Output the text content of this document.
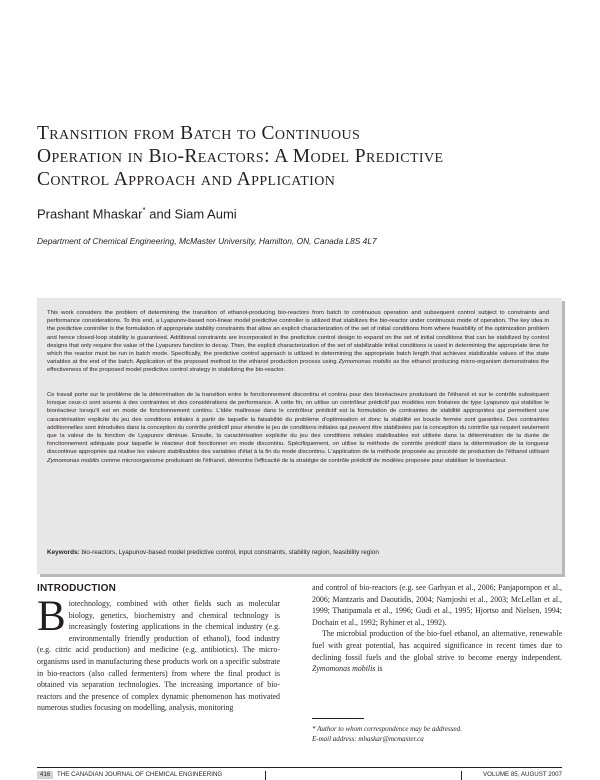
Transition from Batch to Continuous
Operation in Bio-Reactors: A Model Predictive
Control Approach and Application
Prashant Mhaskar* and Siam Aumi
Department of Chemical Engineering, McMaster University, Hamilton, ON, Canada L8S 4L7
This work considers the problem of determining the transition of ethanol-producing bio-reactors from batch to continuous operation and subsequent control subject to constraints and performance considerations. To this end, a Lyapunov-based non-linear model predictive controller is utilized that stabilizes the bio-reactor under continuous mode of operation. The key idea in the predictive controller is the formulation of appropriate stability constraints that allow an explicit characterization of the set of initial conditions from where feasibility of the optimization problem and hence closed-loop stability is guaranteed. Additional constraints are incorporated in the predictive control design to expand on the set of initial conditions that can be stabilized by control designs that only require the value of the Lyapunov function to decay. Then, the explicit characterization of the set of stabilizable initial conditions is used in determining the appropriate time for which the reactor must be run in batch mode. Specifically, the predictive control approach is utilized in determining the appropriate batch length that achieves stabilizable values of the state variables at the end of the batch. Application of the proposed method to the ethanol production process using Zymomonas mobilis as the ethanol producing micro-organism demonstrates the effectiveness of the proposed model predictive control strategy in stabilizing the bio-reactor.
Ce travail porte sur le problème de la détermination de la transition entre le fonctionnement discontinu et continu pour des bioréacteurs produisant de l'éthanol et sur le contrôle subséquent lorsque ceux-ci sont soumis à des contraintes et des considérations de performance. À cette fin, on utilise un contrôleur prédictif par modèles non linéaires de type Lyapunov qui stabilise le bioréacteur lorsqu'il est en mode de fonctionnement continu. L'idée maîtresse dans le contrôleur prédictif est la formulation de contraintes de stabilité appropriées qui permettent une caractérisation explicite du jeu des conditions initiales à partir de laquelle la faisabilité du problème d'optimisation et donc la stabilité en boucle fermée sont garanties. Des contraintes additionnelles sont introduites dans la conception du contrôle prédictif pour étendre le jeu de conditions initiales qui peuvent être stabilisées par la conception du contrôle qui requiert seulement que la valeur de la fonction de Lyapunov diminue. Ensuite, la caractérisation explicite du jeu des conditions initiales stabilisables est utilisée dans la détermination de la durée de fonctionnement adéquate pour laquelle le réacteur doit fonctionner en mode discontinu. Spécifiquement, on utilise la méthode de contrôle prédictif dans la détermination de la longueur discontinue appropriée qui réalise les valeurs stabilisables des variables d'état à la fin du mode discontinu. L'application de la méthode proposée au procédé de production de l'éthanol utilisant Zymomonas mobilis comme microorganisme produisant de l'éthanol, démontre l'efficacité de la stratégie de contrôle prédictif de modèles proposée pour stabiliser le bioréacteur.
Keywords: bio-reactors, Lyapunov-based model predictive control, input constraints, stability region, feasibility region
INTRODUCTION
Biotechnology, combined with other fields such as molecular biology, genetics, biochemistry and chemical technology is increasingly fostering applications in the chemical industry (e.g. environmentally friendly production of ethanol), food industry (e.g. citric acid production) and medicine (e.g. antibiotics). The micro-organisms used in manufacturing these products work on a specific substrate in bio-reactors (also called fermenters) from where the final product is obtained via separation technologies. The increasing importance of bio-reactors and the presence of complex dynamic phenomenon has motivated numerous studies focusing on modelling, analysis, monitoring
and control of bio-reactors (e.g. see Garhyan et al., 2006; Panjapornpon et al., 2006; Mantzaris and Daoutidis, 2004; Namjoshi et al., 2003; McLellan et al., 1999; Thatipamala et al., 1996; Gudi et al., 1995; Hjortso and Nielsen, 1994; Dochain et al., 1992; Ryhiner et al., 1992).
The microbial production of the bio-fuel ethanol, an alternative, renewable fuel with great potential, has acquired significance in recent times due to declining fossil fuels and the global strive to become energy independent. Zymomonas mobilis is
* Author to whom correspondence may be addressed.
E-mail address: mhaskar@mcmaster.ca
416	THE CANADIAN JOURNAL OF CHEMICAL ENGINEERING	VOLUME 85, AUGUST 2007
